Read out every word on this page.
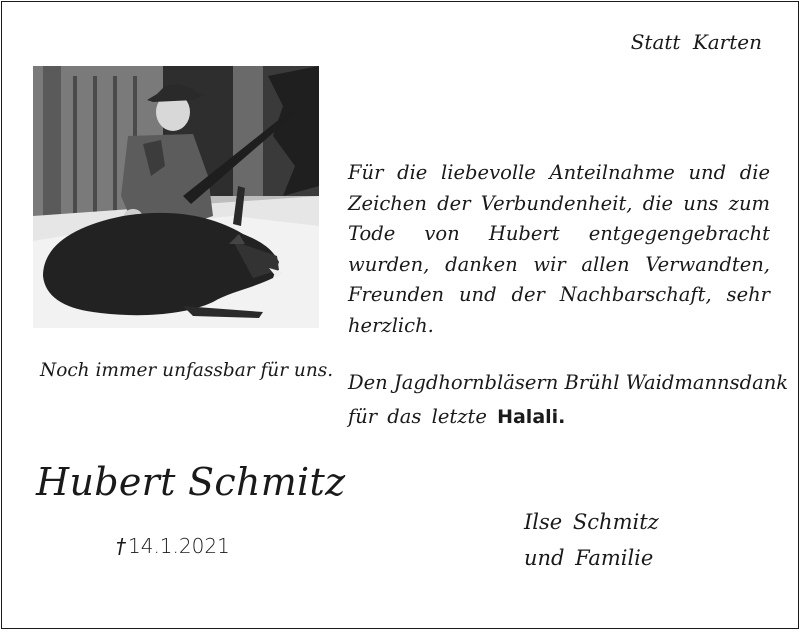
Statt Karten
Noch immer unfassbar für uns.
Hubert Schmitz
† 14.1.2021

Für die liebevolle Anteilnahme und die Zeichen der Verbundenheit, die uns zum Tode von Hubert entgegengebracht wurden, danken wir allen Verwandten, Freunden und der Nachbarschaft, sehr herzlich.

Den Jagdhornbläsern Brühl Waidmannsdank
für das letzte Halali.
Ilse Schmitz
und Familie
